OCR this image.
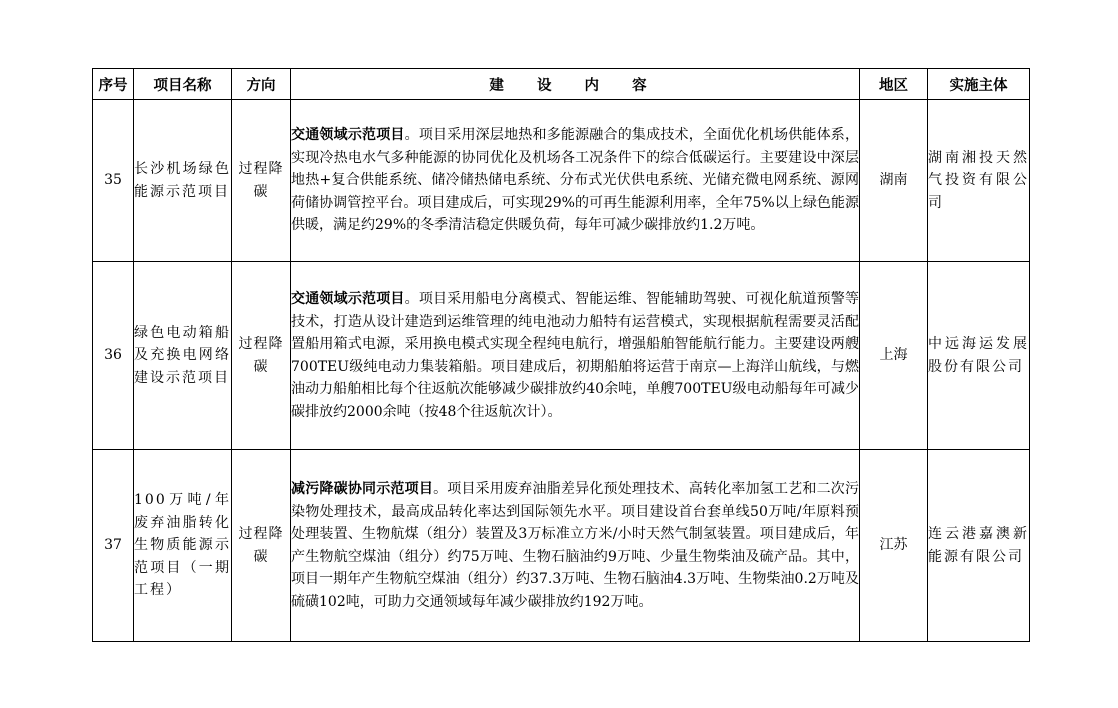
序号	项目名称	方向	建 设 内 容	地区	实施主体
35	长沙机场绿色能源示范项目	过程降碳	交通领域示范项目。项目采用深层地热和多能源融合的集成技术，全面优化机场供能体系，实现冷热电水气多种能源的协同优化及机场各工况条件下的综合低碳运行。主要建设中深层地热+复合供能系统、储冷储热储电系统、分布式光伏供电系统、光储充微电网系统、源网荷储协调管控平台。项目建成后，可实现29%的可再生能源利用率，全年75%以上绿色能源供暖，满足约29%的冬季清洁稳定供暖负荷，每年可减少碳排放约1.2万吨。	湖南	湖南湘投天然气投资有限公司
36	绿色电动箱船及充换电网络建设示范项目	过程降碳	交通领域示范项目。项目采用船电分离模式、智能运维、智能辅助驾驶、可视化航道预警等技术，打造从设计建造到运维管理的纯电池动力船特有运营模式，实现根据航程需要灵活配置船用箱式电源，采用换电模式实现全程纯电航行，增强船舶智能航行能力。主要建设两艘700TEU级纯电动力集装箱船。项目建成后，初期船舶将运营于南京—上海洋山航线，与燃油动力船舶相比每个往返航次能够减少碳排放约40余吨，单艘700TEU级电动船每年可减少碳排放约2000余吨（按48个往返航次计）。	上海	中远海运发展股份有限公司
37	100万吨/年废弃油脂转化生物质能源示范项目（一期工程）	过程降碳	减污降碳协同示范项目。项目采用废弃油脂差异化预处理技术、高转化率加氢工艺和二次污染物处理技术，最高成品转化率达到国际领先水平。项目建设首台套单线50万吨/年原料预处理装置、生物航煤（组分）装置及3万标准立方米/小时天然气制氢装置。项目建成后，年产生物航空煤油（组分）约75万吨、生物石脑油约9万吨、少量生物柴油及硫产品。其中，项目一期年产生物航空煤油（组分）约37.3万吨、生物石脑油4.3万吨、生物柴油0.2万吨及硫磺102吨，可助力交通领域每年减少碳排放约192万吨。	江苏	连云港嘉澳新能源有限公司
